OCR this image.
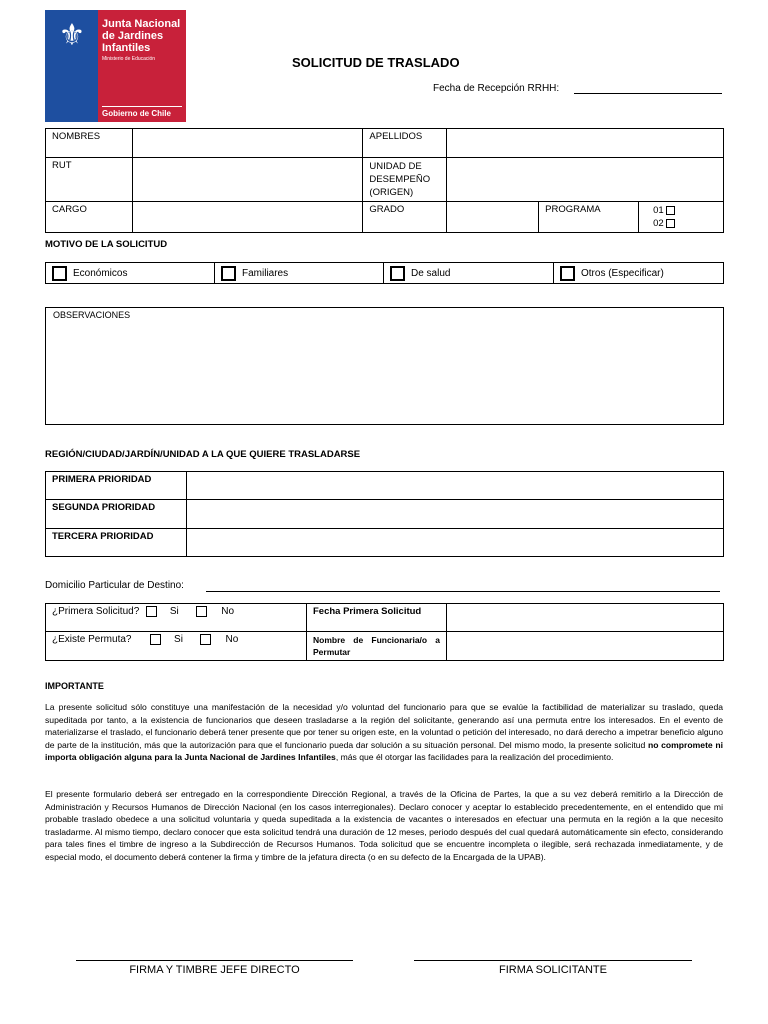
⚜	Junta Nacional
de Jardines
Infantiles
Ministerio de Educación
Gobierno de Chile
SOLICITUD DE TRASLADO
Fecha de Recepción RRHH:
NOMBRES		APELLIDOS			
RUT		UNIDAD DE DESEMPEÑO (ORIGEN)			
CARGO		GRADO		PROGRAMA	01
02
MOTIVO DE LA SOLICITUD
Económicos	Familiares	De salud	Otros (Especificar)
OBSERVACIONES
REGIÓN/CIUDAD/JARDÍN/UNIDAD A LA QUE QUIERE TRASLADARSE
PRIMERA PRIORIDAD	
SEGUNDA PRIORIDAD	
TERCERA PRIORIDAD	
Domicilio Particular de Destino:
¿Primera Solicitud? Si No	Fecha Primera Solicitud	
¿Existe Permuta? Si No	Nombre de Funcionaria/o a Permutar	
IMPORTANTE
La presente solicitud sólo constituye una manifestación de la necesidad y/o voluntad del funcionario para que se evalúe la factibilidad de materializar su traslado, queda supeditada por tanto, a la existencia de funcionarios que deseen trasladarse a la región del solicitante, generando así una permuta entre los interesados. En el evento de materializarse el traslado, el funcionario deberá tener presente que por tener su origen este, en la voluntad o petición del interesado, no dará derecho a impetrar beneficio alguno de parte de la institución, más que la autorización para que el funcionario pueda dar solución a su situación personal. Del mismo modo, la presente solicitud no compromete ni importa obligación alguna para la Junta Nacional de Jardines Infantiles, más que él otorgar las facilidades para la realización del procedimiento.
El presente formulario deberá ser entregado en la correspondiente Dirección Regional, a través de la Oficina de Partes, la que a su vez deberá remitirlo a la Dirección de Administración y Recursos Humanos de Dirección Nacional (en los casos interregionales). Declaro conocer y aceptar lo establecido precedentemente, en el entendido que mi probable traslado obedece a una solicitud voluntaria y queda supeditada a la existencia de vacantes o interesados en efectuar una permuta en la región a la que necesito trasladarme. Al mismo tiempo, declaro conocer que esta solicitud tendrá una duración de 12 meses, periodo después del cual quedará automáticamente sin efecto, considerando para tales fines el timbre de ingreso a la Subdirección de Recursos Humanos. Toda solicitud que se encuentre incompleta o ilegible, será rechazada inmediatamente, y de especial modo, el documento deberá contener la firma y timbre de la jefatura directa (o en su defecto de la Encargada de la UPAB).
FIRMA Y TIMBRE JEFE DIRECTO	FIRMA SOLICITANTE
